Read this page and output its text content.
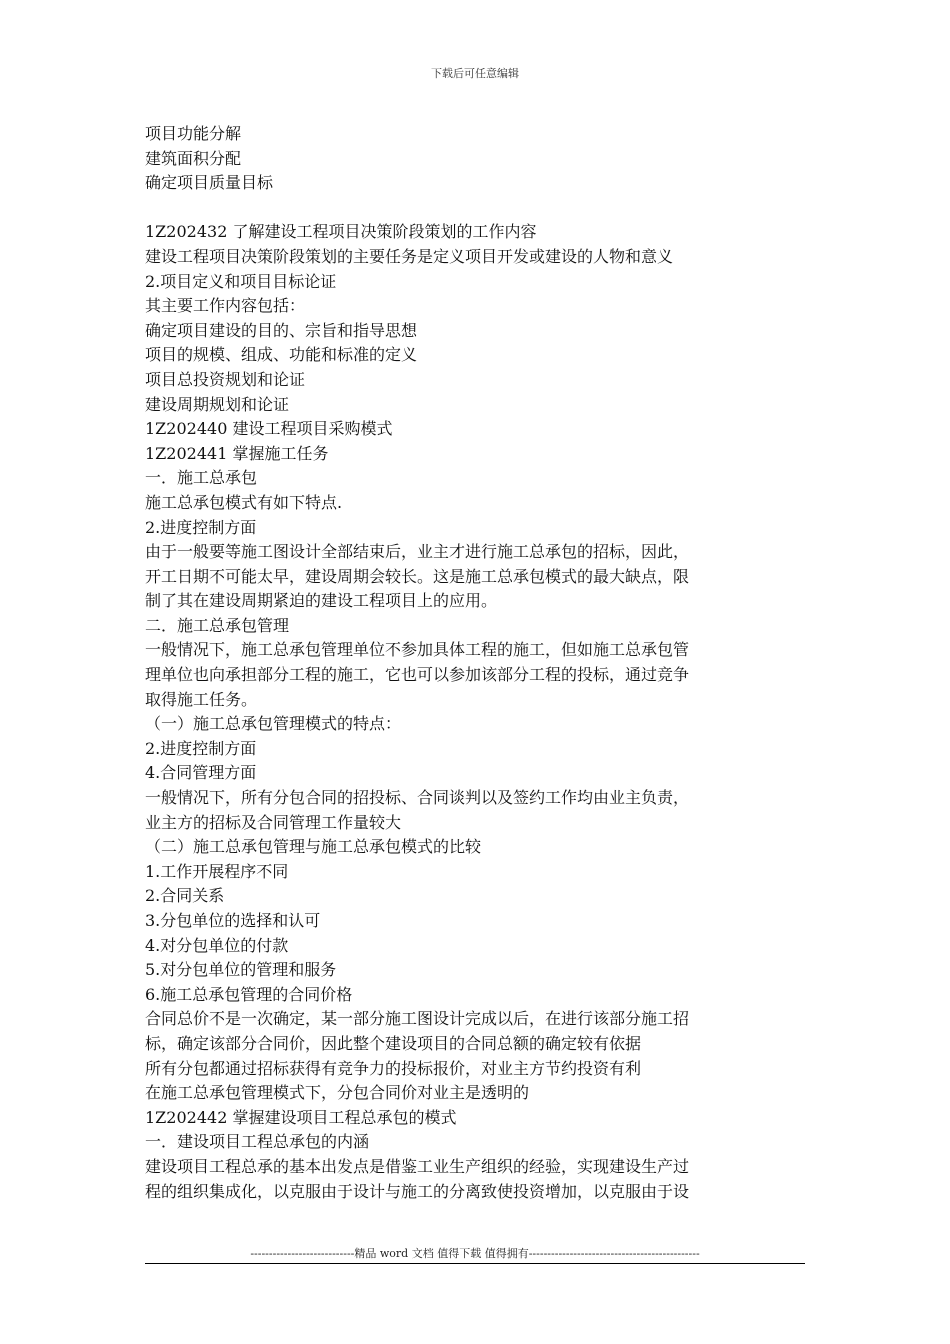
下载后可任意编辑
项目功能分解
建筑面积分配
确定项目质量目标
1Z202432 了解建设工程项目决策阶段策划的工作内容
建设工程项目决策阶段策划的主要任务是定义项目开发或建设的人物和意义
2.项目定义和项目目标论证
其主要工作内容包括：
确定项目建设的目的、宗旨和指导思想
项目的规模、组成、功能和标准的定义
项目总投资规划和论证
建设周期规划和论证
1Z202440 建设工程项目采购模式
1Z202441 掌握施工任务
一．施工总承包
施工总承包模式有如下特点.
2.进度控制方面
由于一般要等施工图设计全部结束后，业主才进行施工总承包的招标，因此，
开工日期不可能太早，建设周期会较长。这是施工总承包模式的最大缺点，限
制了其在建设周期紧迫的建设工程项目上的应用。
二．施工总承包管理
一般情况下，施工总承包管理单位不参加具体工程的施工，但如施工总承包管
理单位也向承担部分工程的施工，它也可以参加该部分工程的投标，通过竞争
取得施工任务。
（一）施工总承包管理模式的特点：
2.进度控制方面
4.合同管理方面
一般情况下，所有分包合同的招投标、合同谈判以及签约工作均由业主负责，
业主方的招标及合同管理工作量较大
（二）施工总承包管理与施工总承包模式的比较
1.工作开展程序不同
2.合同关系
3.分包单位的选择和认可
4.对分包单位的付款
5.对分包单位的管理和服务
6.施工总承包管理的合同价格
合同总价不是一次确定，某一部分施工图设计完成以后，在进行该部分施工招
标，确定该部分合同价，因此整个建设项目的合同总额的确定较有依据
所有分包都通过招标获得有竞争力的投标报价，对业主方节约投资有利
在施工总承包管理模式下，分包合同价对业主是透明的
1Z202442 掌握建设项目工程总承包的模式
一．建设项目工程总承包的内涵
建设项目工程总承的基本出发点是借鉴工业生产组织的经验，实现建设生产过
程的组织集成化，以克服由于设计与施工的分离致使投资增加，以克服由于设
----------------------------精品 word 文档 值得下载 值得拥有----------------------------------------------
